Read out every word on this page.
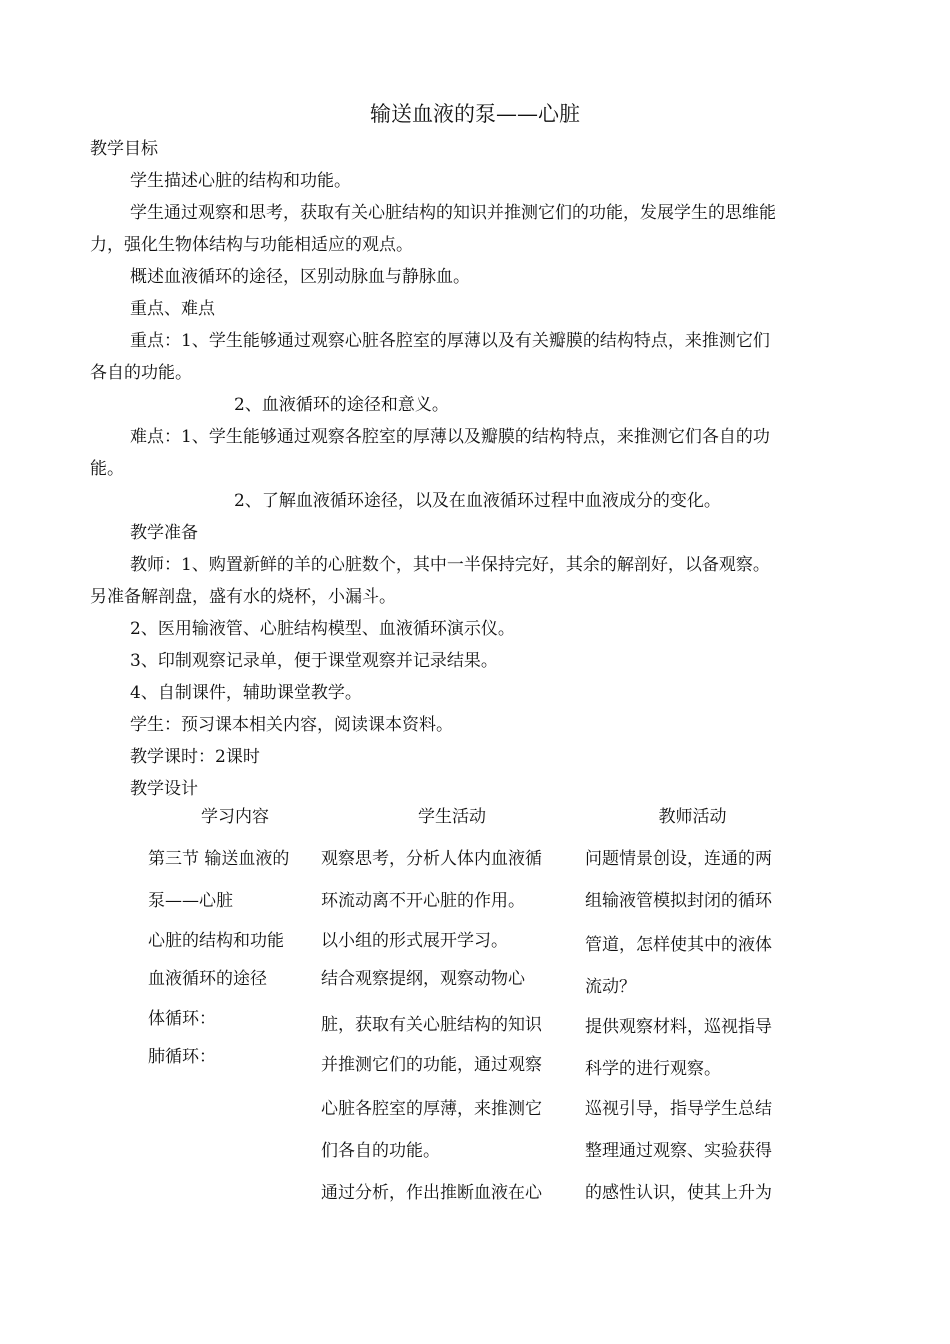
输送血液的泵——心脏
教学目标
学生描述心脏的结构和功能。
学生通过观察和思考，获取有关心脏结构的知识并推测它们的功能，发展学生的思维能
力，强化生物体结构与功能相适应的观点。
概述血液循环的途径，区别动脉血与静脉血。
重点、难点
重点：1、学生能够通过观察心脏各腔室的厚薄以及有关瓣膜的结构特点，来推测它们
各自的功能。
2、血液循环的途径和意义。
难点：1、学生能够通过观察各腔室的厚薄以及瓣膜的结构特点，来推测它们各自的功
能。
2、了解血液循环途径，以及在血液循环过程中血液成分的变化。
教学准备
教师：1、购置新鲜的羊的心脏数个，其中一半保持完好，其余的解剖好，以备观察。
另准备解剖盘，盛有水的烧杯，小漏斗。
2、医用输液管、心脏结构模型、血液循环演示仪。
3、印制观察记录单，便于课堂观察并记录结果。
4、自制课件，辅助课堂教学。
学生：预习课本相关内容，阅读课本资料。
教学课时：2课时
教学设计
学习内容	学生活动	教师活动
第三节 输送血液的
泵——心脏
心脏的结构和功能
血液循环的途径
体循环：
肺循环：
观察思考，分析人体内血液循
环流动离不开心脏的作用。
以小组的形式展开学习。
结合观察提纲，观察动物心
脏，获取有关心脏结构的知识
并推测它们的功能，通过观察
心脏各腔室的厚薄，来推测它
们各自的功能。
通过分析，作出推断血液在心
问题情景创设，连通的两
组输液管模拟封闭的循环
管道，怎样使其中的液体
流动？
提供观察材料，巡视指导
科学的进行观察。
巡视引导，指导学生总结
整理通过观察、实验获得
的感性认识，使其上升为
